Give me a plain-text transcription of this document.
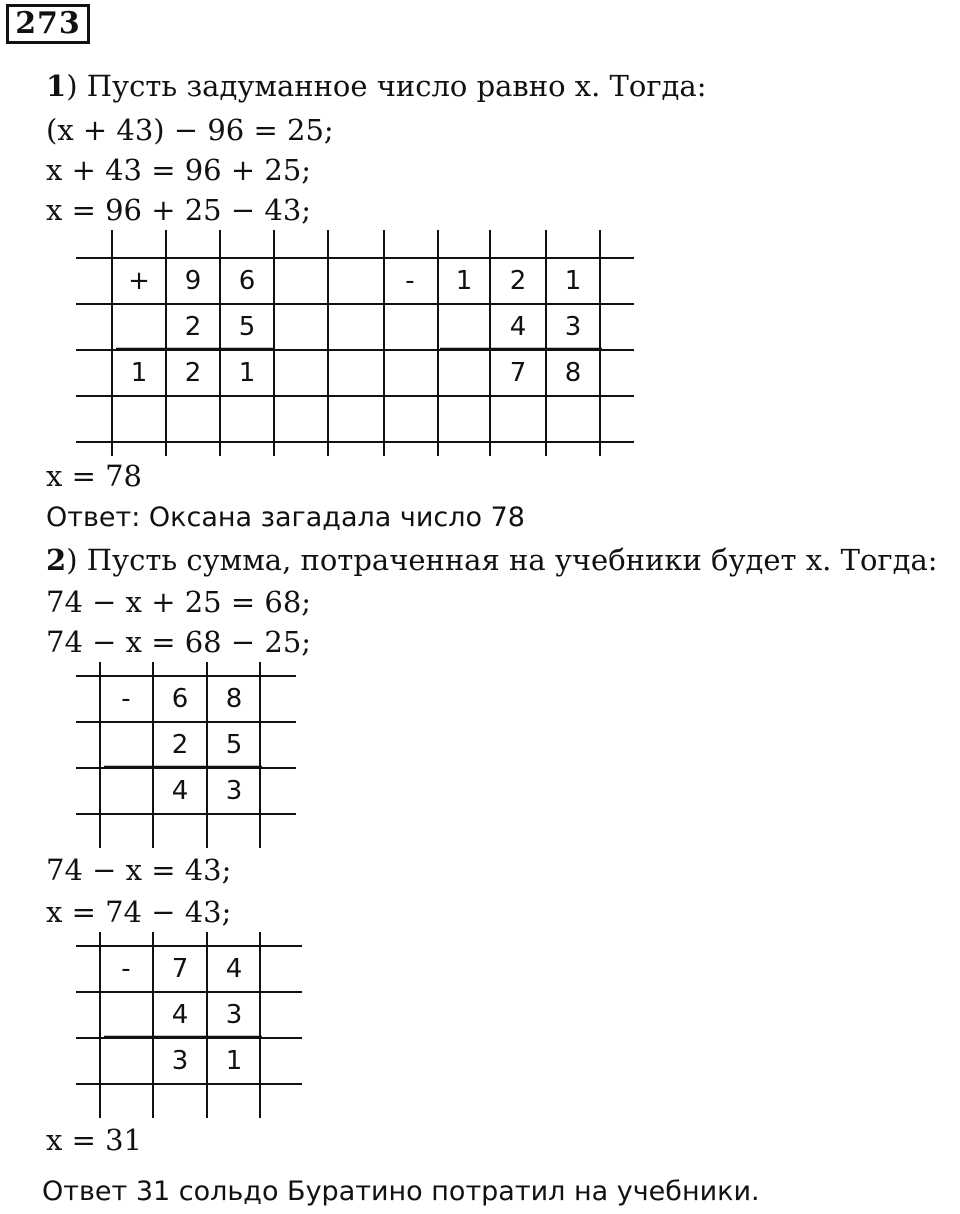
273
1) Пусть задуманное число равно x. Тогда:
(x + 43) − 96 = 25;
x + 43 = 96 + 25;
x = 96 + 25 − 43;
+ 9 6
2 5
1 2 1
- 1 2 1
4 3
7 8
x = 78
Ответ: Оксана загадала число 78
2) Пусть сумма, потраченная на учебники будет x. Тогда:
74 − x + 25 = 68;
74 − x = 68 − 25;
- 6 8
2 5
4 3
74 − x = 43;
x = 74 − 43;
- 7 4
4 3
3 1
x = 31
Ответ 31 сольдо Буратино потратил на учебники.
